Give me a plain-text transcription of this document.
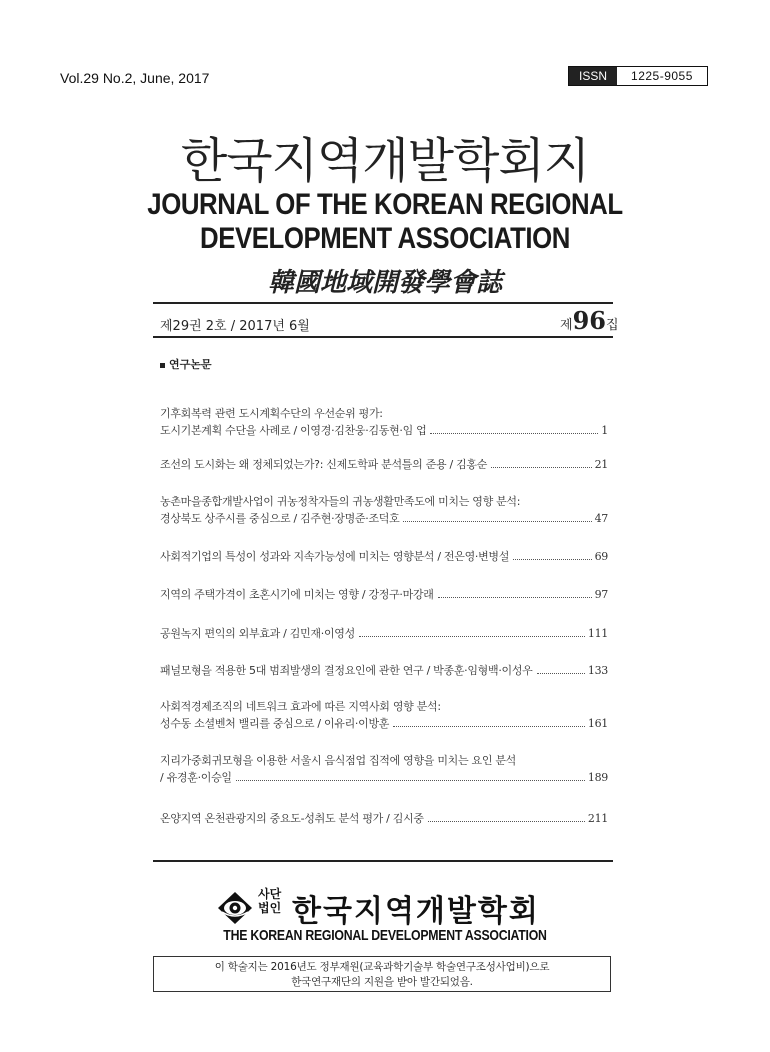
Vol.29 No.2, June, 2017	ISSN	1225-9055
한국지역개발학회지
JOURNAL OF THE KOREAN REGIONAL
DEVELOPMENT ASSOCIATION
韓國地域開發學會誌
제29권 2호 / 2017년 6월	제96집
연구논문
기후회복력 관련 도시계획수단의 우선순위 평가:
도시기본계획 수단을 사례로 / 이영경·김찬웅·김동현·임 업	1
조선의 도시화는 왜 정체되었는가?: 신제도학파 분석틀의 준용 / 김홍순	21
농촌마을종합개발사업이 귀농정착자들의 귀농생활만족도에 미치는 영향 분석:
경상북도 상주시를 중심으로 / 김주현·장명준·조덕호	47
사회적기업의 특성이 성과와 지속가능성에 미치는 영향분석 / 전은영·변병설	69
지역의 주택가격이 초혼시기에 미치는 영향 / 강정구·마강래	97
공원녹지 편익의 외부효과 / 김민재·이영성	111
패널모형을 적용한 5대 범죄발생의 결정요인에 관한 연구 / 박종훈·임형백·이성우	133
사회적경제조직의 네트워크 효과에 따른 지역사회 영향 분석:
성수동 소셜벤처 밸리를 중심으로 / 이유리·이방훈	161
지리가중회귀모형을 이용한 서울시 음식점업 집적에 영향을 미치는 요인 분석
/ 유경훈·이승일	189
온양지역 온천관광지의 중요도-성취도 분석 평가 / 김시중	211
사단
법인 한국지역개발학회
THE KOREAN REGIONAL DEVELOPMENT ASSOCIATION
이 학술지는 2016년도 정부재원(교육과학기술부 학술연구조성사업비)으로
한국연구재단의 지원을 받아 발간되었음.
